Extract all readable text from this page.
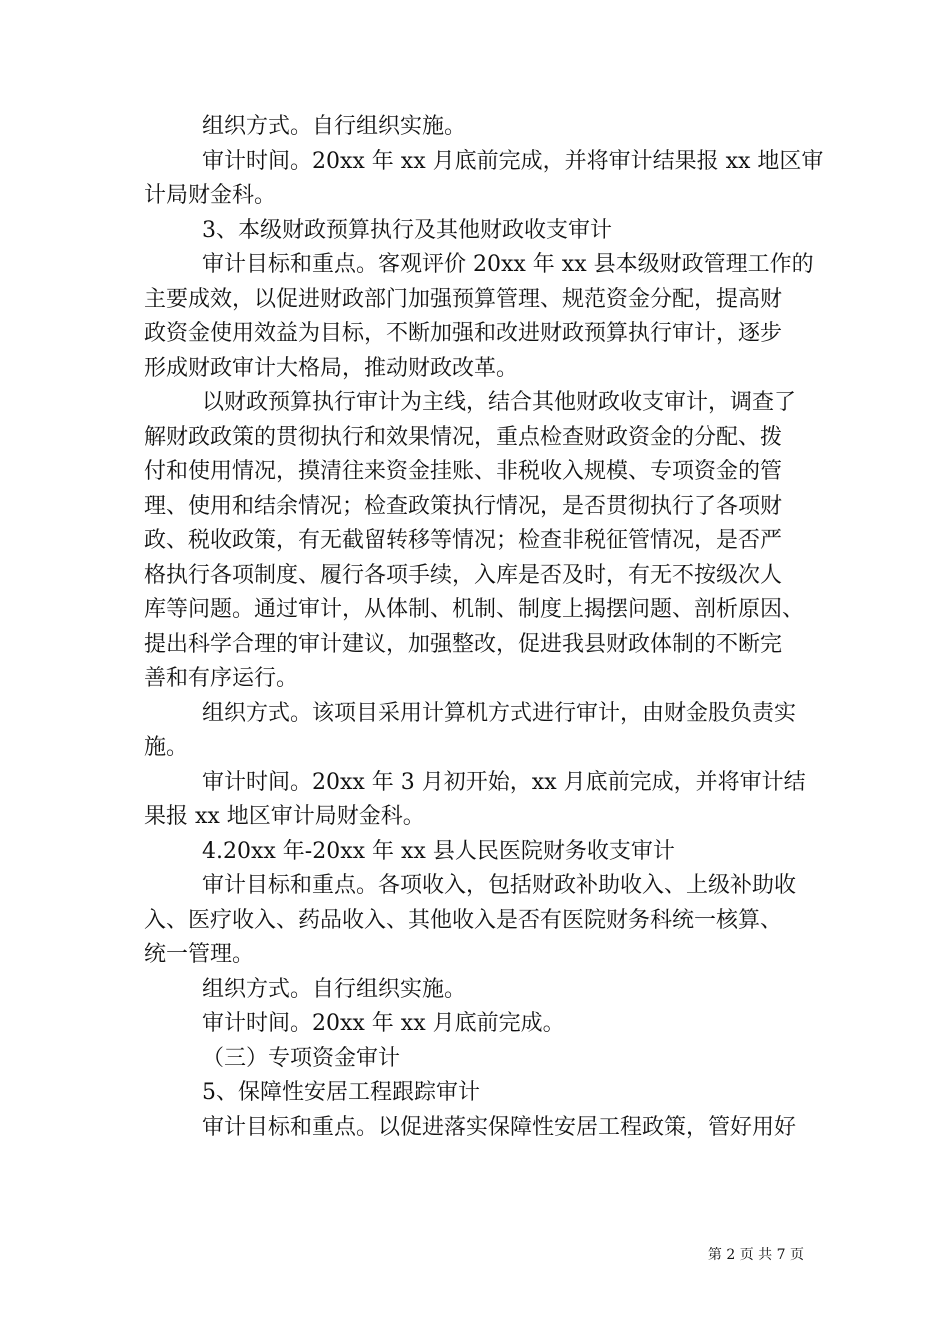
组织方式。自行组织实施。
审计时间。20xx 年 xx 月底前完成，并将审计结果报 xx 地区审
计局财金科。
3、本级财政预算执行及其他财政收支审计
审计目标和重点。客观评价 20xx 年 xx 县本级财政管理工作的
主要成效，以促进财政部门加强预算管理、规范资金分配，提高财
政资金使用效益为目标，不断加强和改进财政预算执行审计，逐步
形成财政审计大格局，推动财政改革。
以财政预算执行审计为主线，结合其他财政收支审计，调查了
解财政政策的贯彻执行和效果情况，重点检查财政资金的分配、拨
付和使用情况，摸清往来资金挂账、非税收入规模、专项资金的管
理、使用和结余情况；检查政策执行情况，是否贯彻执行了各项财
政、税收政策，有无截留转移等情况；检查非税征管情况，是否严
格执行各项制度、履行各项手续，入库是否及时，有无不按级次人
库等问题。通过审计，从体制、机制、制度上揭摆问题、剖析原因、
提出科学合理的审计建议，加强整改，促进我县财政体制的不断完
善和有序运行。
组织方式。该项目采用计算机方式进行审计，由财金股负责实
施。
审计时间。20xx 年 3 月初开始，xx 月底前完成，并将审计结
果报 xx 地区审计局财金科。
4.20xx 年-20xx 年 xx 县人民医院财务收支审计
审计目标和重点。各项收入，包括财政补助收入、上级补助收
入、医疗收入、药品收入、其他收入是否有医院财务科统一核算、
统一管理。
组织方式。自行组织实施。
审计时间。20xx 年 xx 月底前完成。
（三）专项资金审计
5、保障性安居工程跟踪审计
审计目标和重点。以促进落实保障性安居工程政策，管好用好
第 2 页 共 7 页
